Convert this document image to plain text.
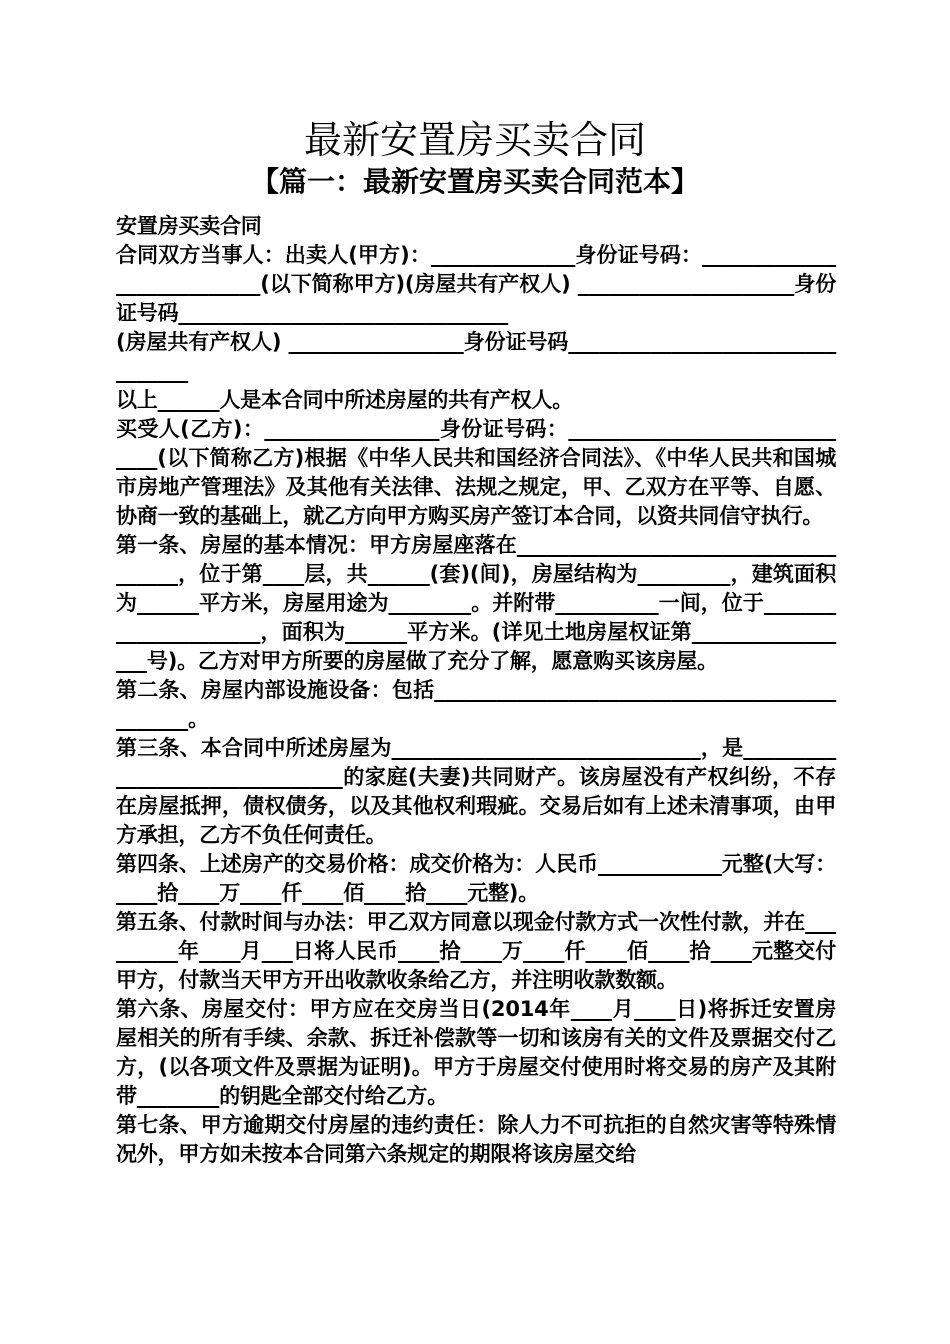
最新安置房买卖合同
【篇一：最新安置房买卖合同范本】

安置房买卖合同

合同双方当事人：出卖人(甲方)：______________身份证号码：___________________________(以下简称甲方)(房屋共有产权人) _____________________身份证号码________________________________

(房屋共有产权人) _________________身份证号码_________________________________

以上______人是本合同中所述房屋的共有产权人。

买受人(乙方)：_________________身份证号码：______________________________(以下简称乙方)根据《中华人民共和国经济合同法》、《中华人民共和国城市房地产管理法》及其他有关法律、法规之规定，甲、乙双方在平等、自愿、协商一致的基础上，就乙方向甲方购买房产签订本合同，以资共同信守执行。

第一条、房屋的基本情况：甲方房屋座落在_____________________________________，位于第____层，共______(套)(间)，房屋结构为_________，建筑面积为______平方米，房屋用途为________。并附带__________一间，位于_____________________，面积为______平方米。(详见土地房屋权证第_________________号)。乙方对甲方所要的房屋做了充分了解，愿意购买该房屋。

第二条、房屋内部设施设备：包括______________________________________________。

第三条、本合同中所述房屋为______________________________，是_______________________________的家庭(夫妻)共同财产。该房屋没有产权纠纷，不存在房屋抵押，债权债务，以及其他权利瑕疵。交易后如有上述未清事项，由甲方承担，乙方不负任何责任。

第四条、上述房产的交易价格：成交价格为：人民币____________元整(大写：____拾____万____仟____佰____拾____元整)。

第五条、付款时间与办法：甲乙双方同意以现金付款方式一次性付款，并在_________年____月___日将人民币____拾____万____仟____佰____拾____元整交付甲方，付款当天甲方开出收款收条给乙方，并注明收款数额。

第六条、房屋交付：甲方应在交房当日(2014年____月____日)将拆迁安置房屋相关的所有手续、余款、拆迁补偿款等一切和该房有关的文件及票据交付乙方，(以各项文件及票据为证明)。甲方于房屋交付使用时将交易的房产及其附带________的钥匙全部交付给乙方。

第七条、甲方逾期交付房屋的违约责任：除人力不可抗拒的自然灾害等特殊情况外，甲方如未按本合同第六条规定的期限将该房屋交给
